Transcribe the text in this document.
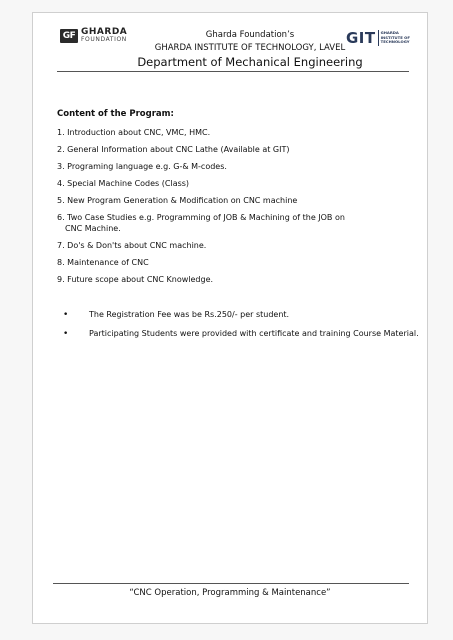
GF GHARDA
FOUNDATION	Gharda Foundation’s
GHARDA INSTITUTE OF TECHNOLOGY, LAVEL
Department of Mechanical Engineering
GIT GHARDA
INSTITUTE OF
TECHNOLOGY
Content of the Program:
1. Introduction about CNC, VMC, HMC.
2. General Information about CNC Lathe (Available at GIT)
3. Programing language e.g. G-& M-codes.
4. Special Machine Codes (Class)
5. New Program Generation & Modification on CNC machine
6. Two Case Studies e.g. Programming of JOB & Machining of the JOB on
CNC Machine.
7. Do's & Don'ts about CNC machine.
8. Maintenance of CNC
9. Future scope about CNC Knowledge.
•	The Registration Fee was be Rs.250/- per student.
•	Participating Students were provided with certificate and training Course Material.
“CNC Operation, Programming & Maintenance”
